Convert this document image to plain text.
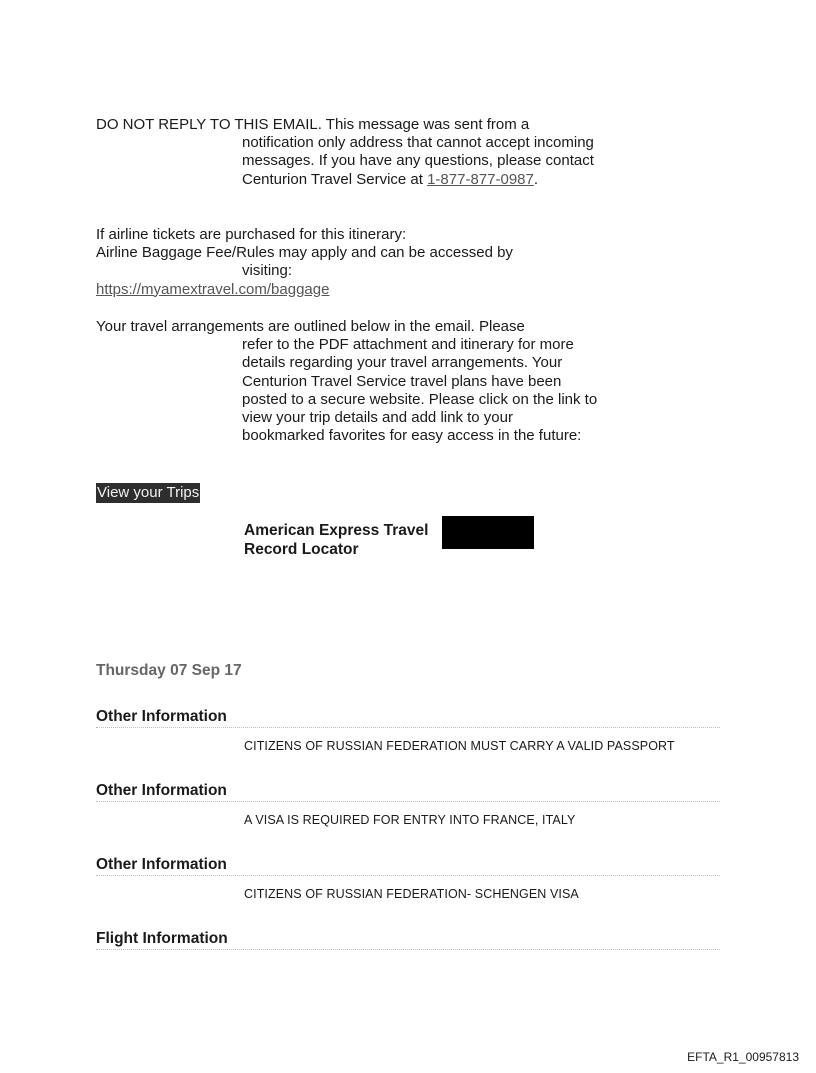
DO NOT REPLY TO THIS EMAIL. This message was sent from a
notification only address that cannot accept incoming messages. If you have any questions, please contact Centurion Travel Service at 1-877-877-0987.
If airline tickets are purchased for this itinerary:
Airline Baggage Fee/Rules may apply and can be accessed by
visiting:
https://myamextravel.com/baggage
Your travel arrangements are outlined below in the email. Please
refer to the PDF attachment and itinerary for more details regarding your travel arrangements. Your Centurion Travel Service travel plans have been posted to a secure website. Please click on the link to view your trip details and add link to your bookmarked favorites for easy access in the future:
View your Trips
American Express Travel Record Locator
Thursday 07 Sep 17
Other Information
CITIZENS OF RUSSIAN FEDERATION MUST CARRY A VALID PASSPORT
Other Information
A VISA IS REQUIRED FOR ENTRY INTO FRANCE, ITALY
Other Information
CITIZENS OF RUSSIAN FEDERATION- SCHENGEN VISA
Flight Information
EFTA_R1_00957813
